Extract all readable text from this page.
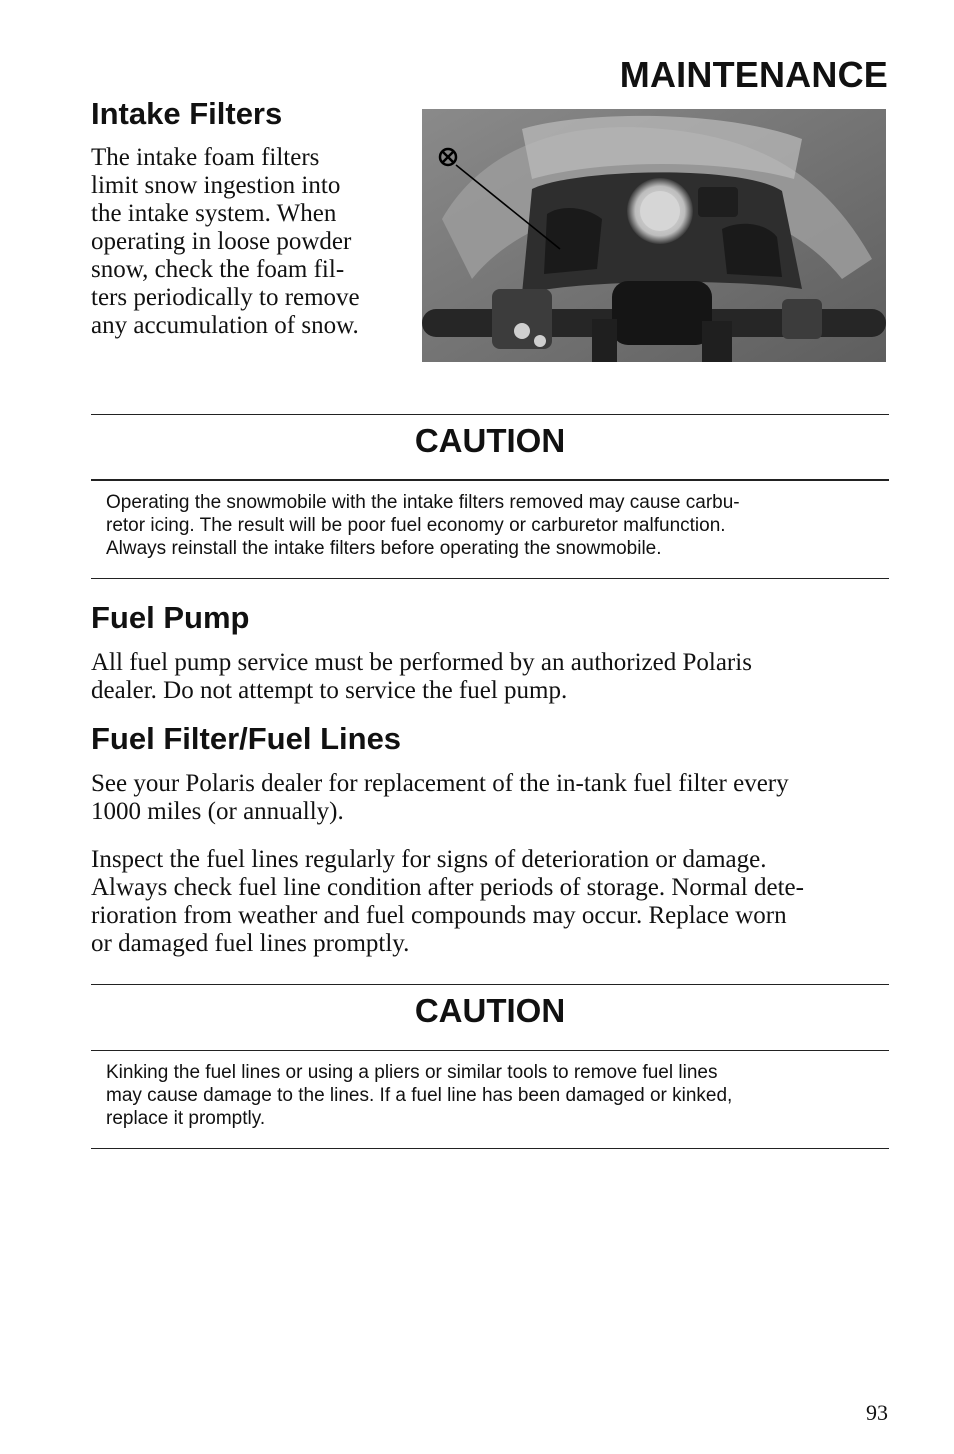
MAINTENANCE
Intake Filters

The intake foam filters
limit snow ingestion into
the intake system. When
operating in loose powder
snow, check the foam fil-
ters periodically to remove
any accumulation of snow.

CAUTION

Operating the snowmobile with the intake filters removed may cause carbu-
retor icing. The result will be poor fuel economy or carburetor malfunction.
Always reinstall the intake filters before operating the snowmobile.

Fuel Pump

All fuel pump service must be performed by an authorized Polaris
dealer. Do not attempt to service the fuel pump.

Fuel Filter/Fuel Lines

See your Polaris dealer for replacement of the in-tank fuel filter every
1000 miles (or annually).

Inspect the fuel lines regularly for signs of deterioration or damage.
Always check fuel line condition after periods of storage. Normal dete-
rioration from weather and fuel compounds may occur. Replace worn
or damaged fuel lines promptly.

CAUTION

Kinking the fuel lines or using a pliers or similar tools to remove fuel lines
may cause damage to the lines. If a fuel line has been damaged or kinked,
replace it promptly.

93
